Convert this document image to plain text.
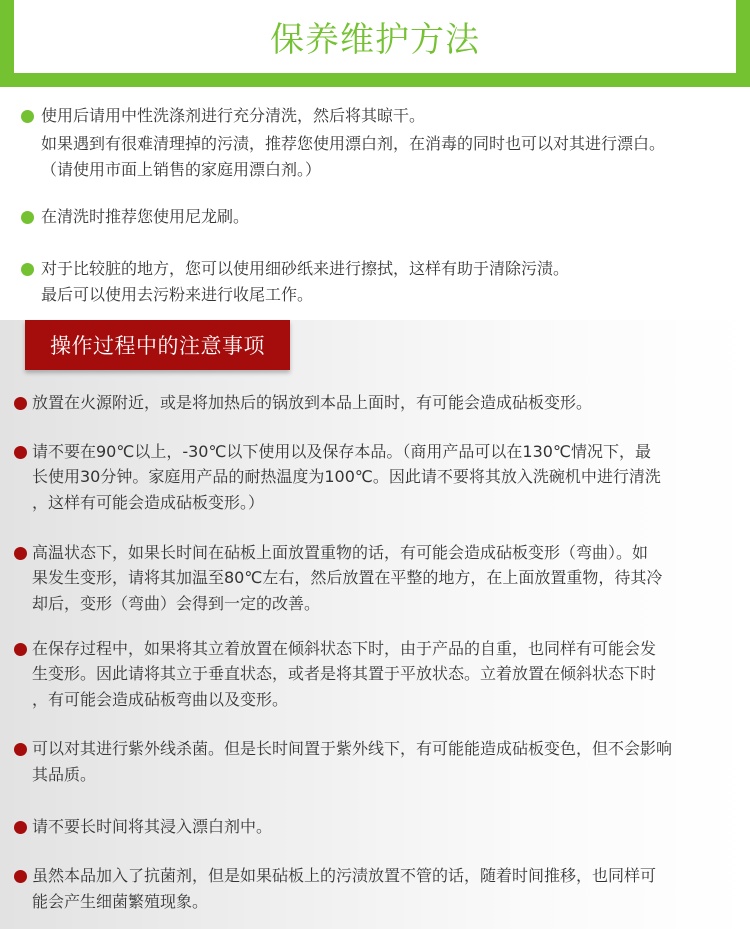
保养维护方法
使用后请用中性洗涤剂进行充分清洗，然后将其晾干。
如果遇到有很难清理掉的污渍，推荐您使用漂白剂，在消毒的同时也可以对其进行漂白。
（请使用市面上销售的家庭用漂白剂。）
在清洗时推荐您使用尼龙刷。
对于比较脏的地方，您可以使用细砂纸来进行擦拭，这样有助于清除污渍。
最后可以使用去污粉来进行收尾工作。
操作过程中的注意事项
放置在火源附近，或是将加热后的锅放到本品上面时，有可能会造成砧板变形。
请不要在90℃以上，-30℃以下使用以及保存本品。（商用产品可以在130℃情况下，最
长使用30分钟。家庭用产品的耐热温度为100℃。因此请不要将其放入洗碗机中进行清洗
，这样有可能会造成砧板变形。）
高温状态下，如果长时间在砧板上面放置重物的话，有可能会造成砧板变形（弯曲）。如
果发生变形，请将其加温至80℃左右，然后放置在平整的地方，在上面放置重物，待其冷
却后，变形（弯曲）会得到一定的改善。
在保存过程中，如果将其立着放置在倾斜状态下时，由于产品的自重，也同样有可能会发
生变形。因此请将其立于垂直状态，或者是将其置于平放状态。立着放置在倾斜状态下时
，有可能会造成砧板弯曲以及变形。
可以对其进行紫外线杀菌。但是长时间置于紫外线下，有可能能造成砧板变色，但不会影响
其品质。
请不要长时间将其浸入漂白剂中。
虽然本品加入了抗菌剂，但是如果砧板上的污渍放置不管的话，随着时间推移，也同样可
能会产生细菌繁殖现象。
